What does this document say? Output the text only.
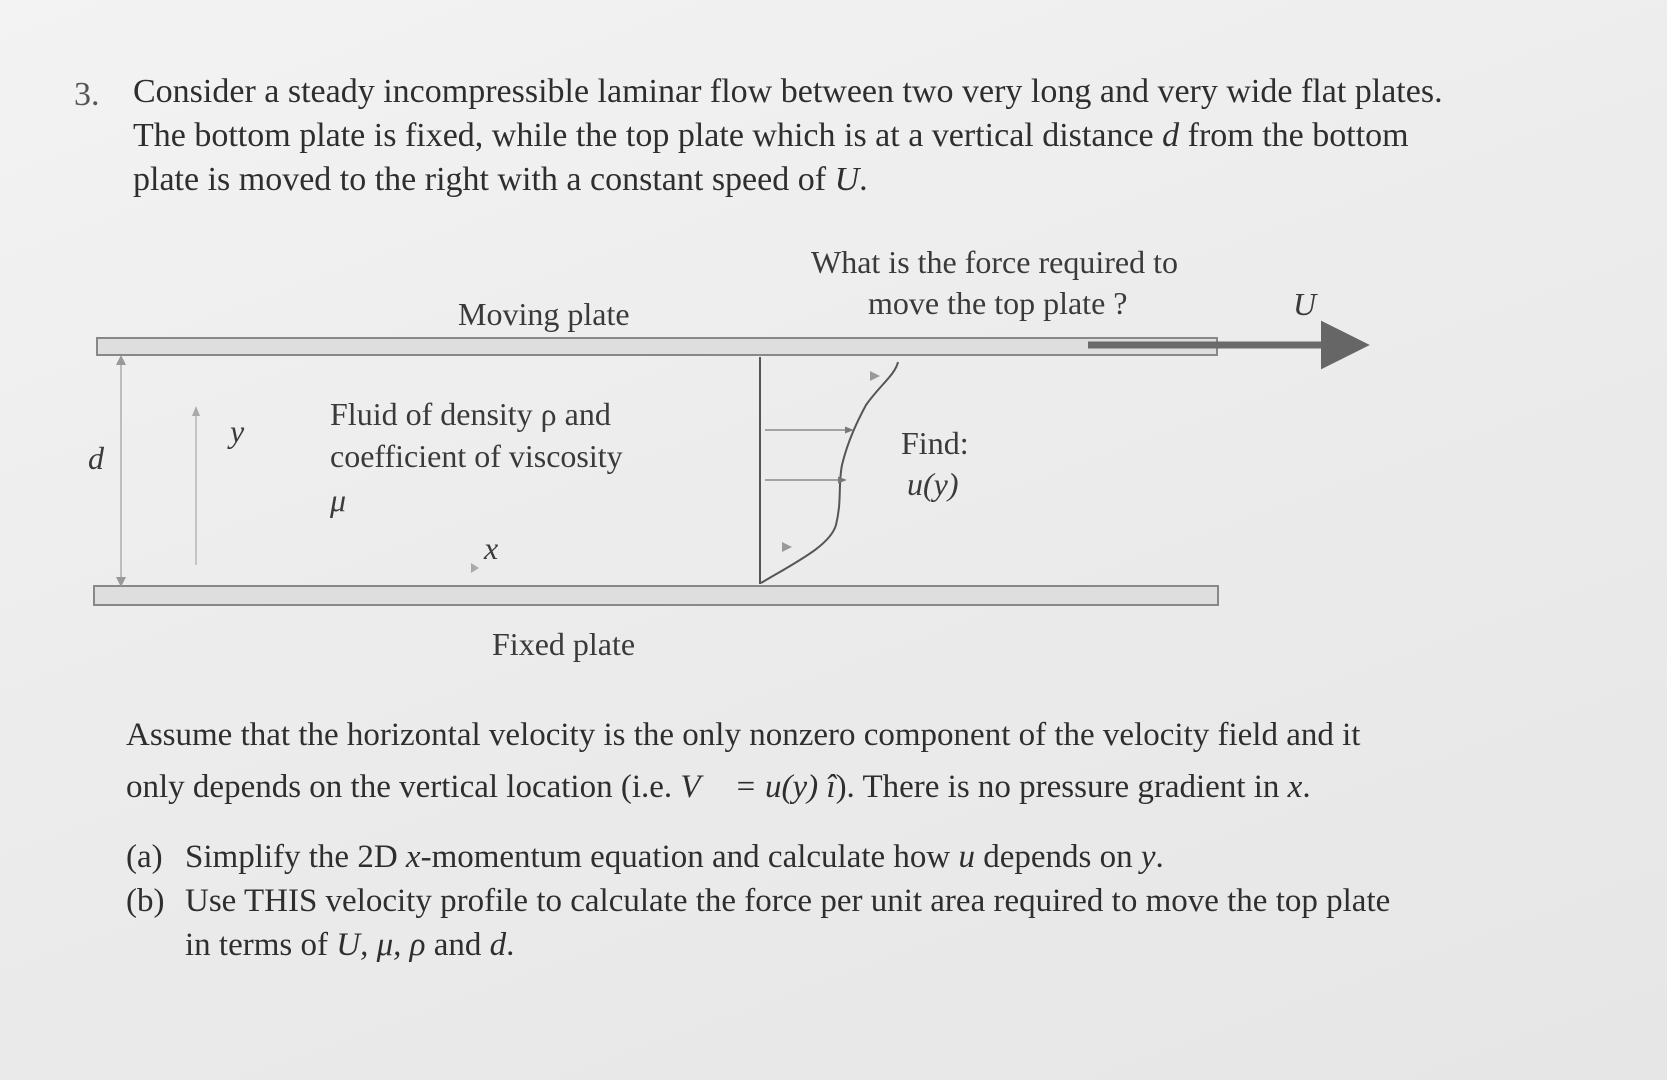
3. Consider a steady incompressible laminar flow between two very long and very wide flat plates.
The bottom plate is fixed, while the top plate which is at a vertical distance d from the bottom
plate is moved to the right with a constant speed of U.
Moving plate
What is the force required to
move the top plate ?	U
d
y	Fluid of density ρ and
coefficient of viscosity
μ
x
Find:
u(y)
Fixed plate
Assume that the horizontal velocity is the only nonzero component of the velocity field and it
only depends on the vertical location (i.e. V⃗ = u(y) î). There is no pressure gradient in x.
(a) Simplify the 2D x-momentum equation and calculate how u depends on y.
(b) Use THIS velocity profile to calculate the force per unit area required to move the top plate
in terms of U, μ, ρ and d.
